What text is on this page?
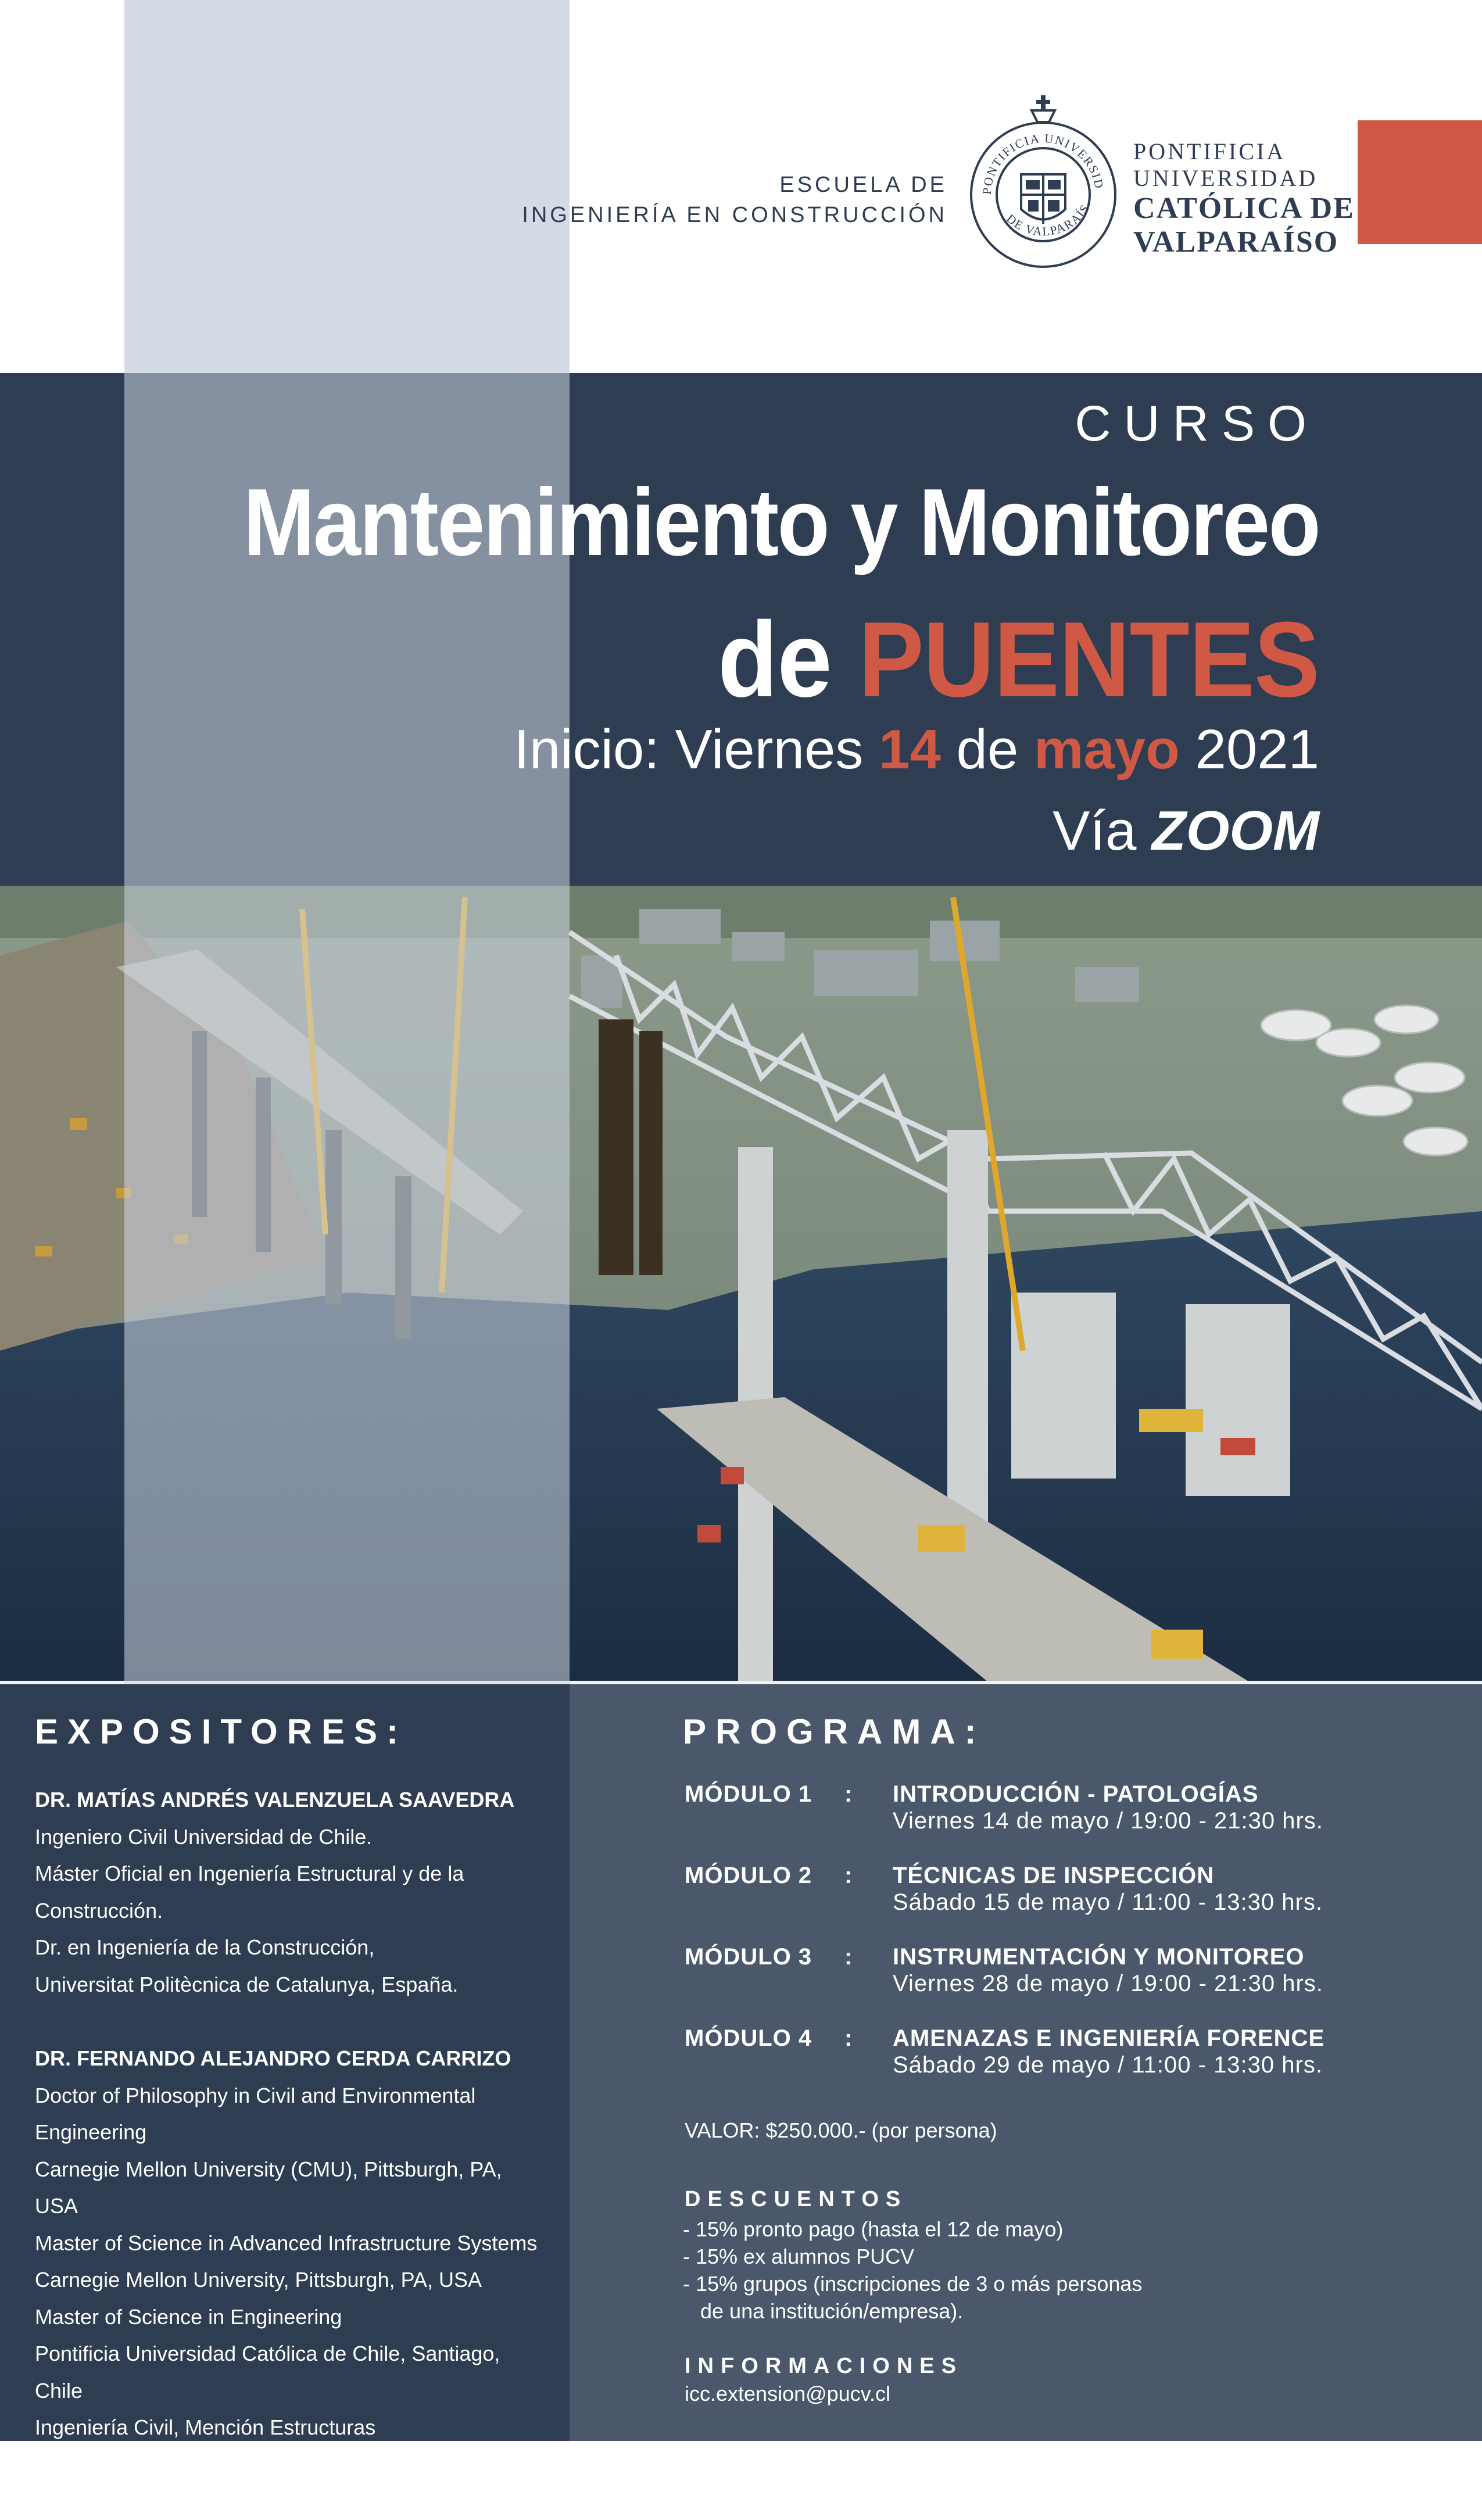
ESCUELA DE
INGENIERÍA EN CONSTRUCCIÓN
PONTIFICIA UNIVERSID
DE VALPARAÍS
PONTIFICIA
UNIVERSIDAD
CATÓLICA DE
VALPARAÍSO
CURSO
Mantenimiento y Monitoreo
de PUENTES
Inicio: Viernes 14 de mayo 2021
Vía ZOOM
EXPOSITORES:
DR. MATÍAS ANDRÉS VALENZUELA SAAVEDRA
Ingeniero Civil Universidad de Chile.
Máster Oficial en Ingeniería Estructural y de la
Construcción.
Dr. en Ingeniería de la Construcción,
Universitat Politècnica de Catalunya, España.
DR. FERNANDO ALEJANDRO CERDA CARRIZO
Doctor of Philosophy in Civil and Environmental
Engineering
Carnegie Mellon University (CMU), Pittsburgh, PA, USA
Master of Science in Advanced Infrastructure Systems
Carnegie Mellon University, Pittsburgh, PA, USA
Master of Science in Engineering
Pontificia Universidad Católica de Chile, Santiago, Chile
Ingeniería Civil, Mención Estructuras
Pontificia Universidad Católica de Chile, Santiago, Chile
PROGRAMA:
MÓDULO 1 : INTRODUCCIÓN - PATOLOGÍAS
Viernes 14 de mayo / 19:00 - 21:30 hrs.
MÓDULO 2 : TÉCNICAS DE INSPECCIÓN
Sábado 15 de mayo / 11:00 - 13:30 hrs.
MÓDULO 3 : INSTRUMENTACIÓN Y MONITOREO
Viernes 28 de mayo / 19:00 - 21:30 hrs.
MÓDULO 4 : AMENAZAS E INGENIERÍA FORENCE
Sábado 29 de mayo / 11:00 - 13:30 hrs.
VALOR: $250.000.- (por persona)
DESCUENTOS
- 15% pronto pago (hasta el 12 de mayo)
- 15% ex alumnos PUCV
- 15% grupos (inscripciones de 3 o más personas
de una institución/empresa).
INFORMACIONES
icc.extension@pucv.cl
